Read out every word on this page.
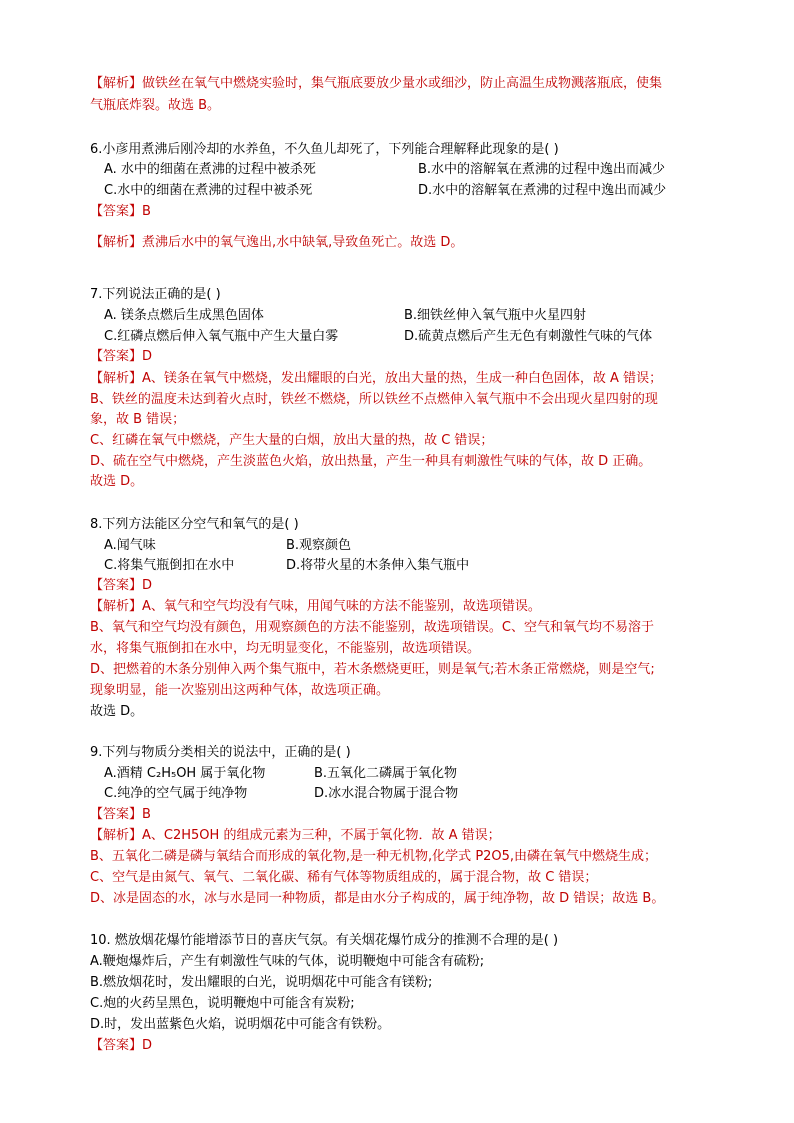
【解析】做铁丝在氧气中燃烧实验时，集气瓶底要放少量水或细沙，防止高温生成物溅落瓶底，使集
气瓶底炸裂。故选 B。
6.小彦用煮沸后刚冷却的水养鱼，不久鱼儿却死了，下列能合理解释此现象的是( )
A. 水中的细菌在煮沸的过程中被杀死	B.水中的溶解氧在煮沸的过程中逸出而减少
C.水中的细菌在煮沸的过程中被杀死	D.水中的溶解氧在煮沸的过程中逸出而减少
【答案】B
【解析】煮沸后水中的氧气逸出,水中缺氧,导致鱼死亡。故选 D。
7.下列说法正确的是( )
A. 镁条点燃后生成黑色固体	B.细铁丝伸入氧气瓶中火星四射
C.红磷点燃后伸入氧气瓶中产生大量白雾	D.硫黄点燃后产生无色有刺激性气味的气体
【答案】D
【解析】A、镁条在氧气中燃烧，发出耀眼的白光，放出大量的热，生成一种白色固体，故 A 错误；
B、铁丝的温度未达到着火点时，铁丝不燃烧，所以铁丝不点燃伸入氧气瓶中不会出现火星四射的现
象，故 B 错误；
C、红磷在氧气中燃烧，产生大量的白烟，放出大量的热，故 C 错误；
D、硫在空气中燃烧，产生淡蓝色火焰，放出热量，产生一种具有刺激性气味的气体，故 D 正确。
故选 D。
8.下列方法能区分空气和氧气的是( )
A.闻气味	B.观察颜色
C.将集气瓶倒扣在水中	D.将带火星的木条伸入集气瓶中
【答案】D
【解析】A、氧气和空气均没有气味，用闻气味的方法不能鉴别，故选项错误。
B、氧气和空气均没有颜色，用观察颜色的方法不能鉴别，故选项错误。C、空气和氧气均不易溶于
水，将集气瓶倒扣在水中，均无明显变化，不能鉴别，故选项错误。
D、把燃着的木条分别伸入两个集气瓶中，若木条燃烧更旺，则是氧气;若木条正常燃烧，则是空气;
现象明显，能一次鉴别出这两种气体，故选项正确。
故选 D。
9.下列与物质分类相关的说法中，正确的是( )
A.酒精 C₂H₅OH 属于氧化物	B.五氧化二磷属于氧化物
C.纯净的空气属于纯净物	D.冰水混合物属于混合物
【答案】B
【解析】A、C2H5OH 的组成元素为三种，不属于氧化物．故 A 错误；
B、五氧化二磷是磷与氧结合而形成的氧化物,是一种无机物,化学式 P2O5,由磷在氧气中燃烧生成；
C、空气是由氮气、氧气、二氧化碳、稀有气体等物质组成的，属于混合物，故 C 错误；
D、冰是固态的水，冰与水是同一种物质，都是由水分子构成的，属于纯净物，故 D 错误；故选 B。
10. 燃放烟花爆竹能增添节日的喜庆气氛。有关烟花爆竹成分的推测不合理的是( )
A.鞭炮爆炸后，产生有刺激性气味的气体，说明鞭炮中可能含有硫粉;
B.燃放烟花时，发出耀眼的白光，说明烟花中可能含有镁粉;
C.炮的火药呈黑色，说明鞭炮中可能含有炭粉;
D.时，发出蓝紫色火焰，说明烟花中可能含有铁粉。
【答案】D
